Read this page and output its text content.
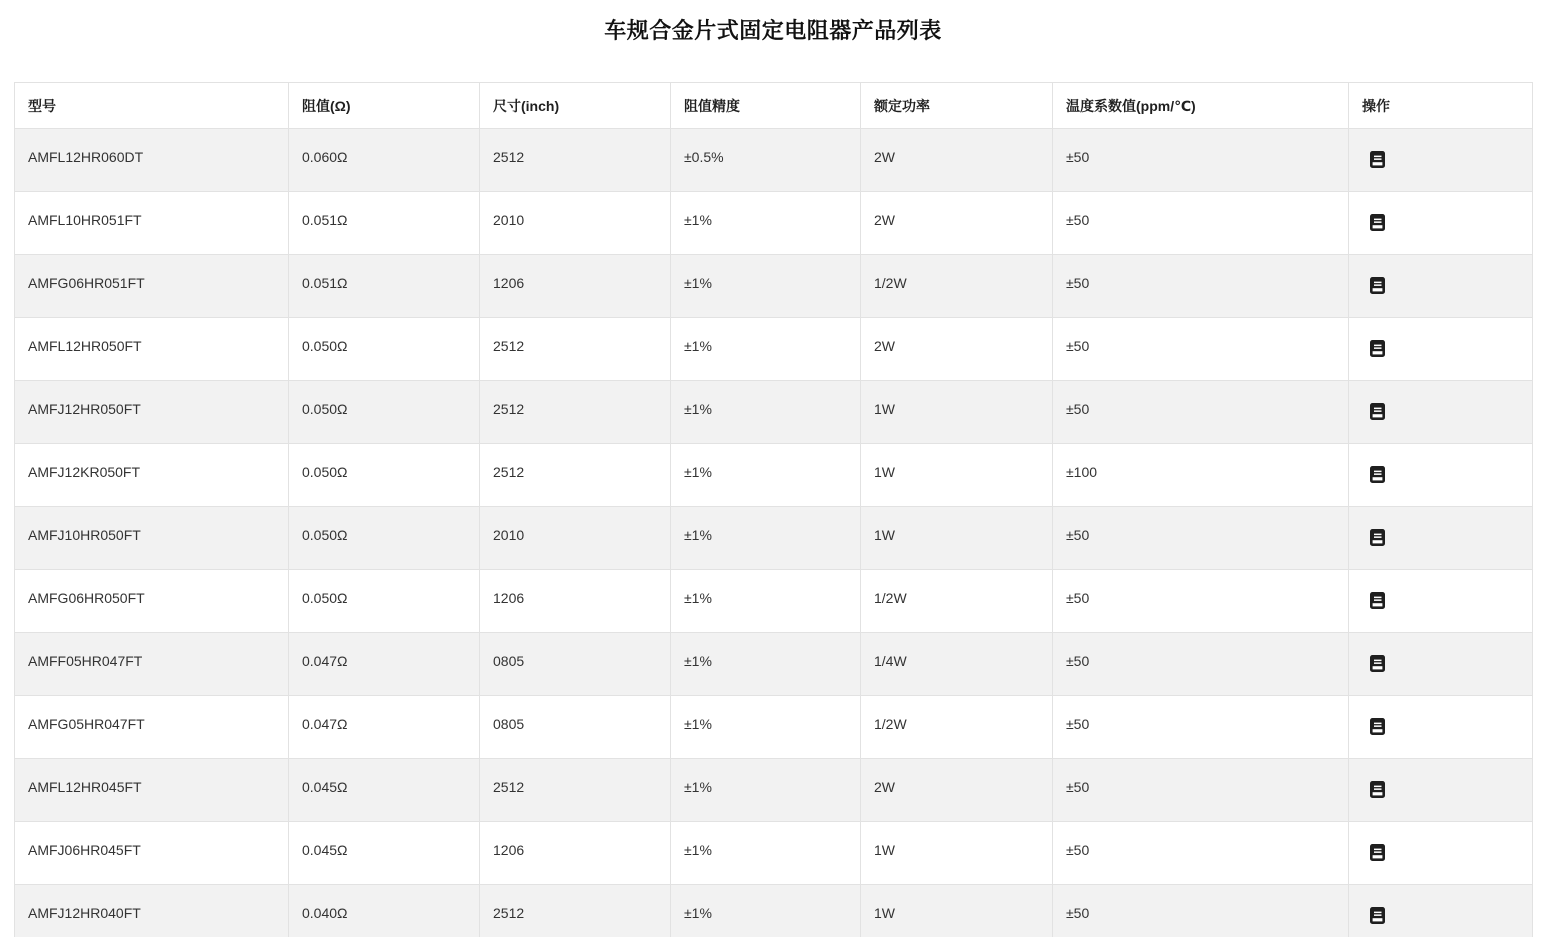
车规合金片式固定电阻器产品列表
型号	阻值(Ω)	尺寸(inch)	阻值精度	额定功率	温度系数值(ppm/℃)	操作
AMFL12HR060DT	0.060Ω	2512	±0.5%	2W	±50	
AMFL10HR051FT	0.051Ω	2010	±1%	2W	±50	
AMFG06HR051FT	0.051Ω	1206	±1%	1/2W	±50	
AMFL12HR050FT	0.050Ω	2512	±1%	2W	±50	
AMFJ12HR050FT	0.050Ω	2512	±1%	1W	±50	
AMFJ12KR050FT	0.050Ω	2512	±1%	1W	±100	
AMFJ10HR050FT	0.050Ω	2010	±1%	1W	±50	
AMFG06HR050FT	0.050Ω	1206	±1%	1/2W	±50	
AMFF05HR047FT	0.047Ω	0805	±1%	1/4W	±50	
AMFG05HR047FT	0.047Ω	0805	±1%	1/2W	±50	
AMFL12HR045FT	0.045Ω	2512	±1%	2W	±50	
AMFJ06HR045FT	0.045Ω	1206	±1%	1W	±50	
AMFJ12HR040FT	0.040Ω	2512	±1%	1W	±50	
